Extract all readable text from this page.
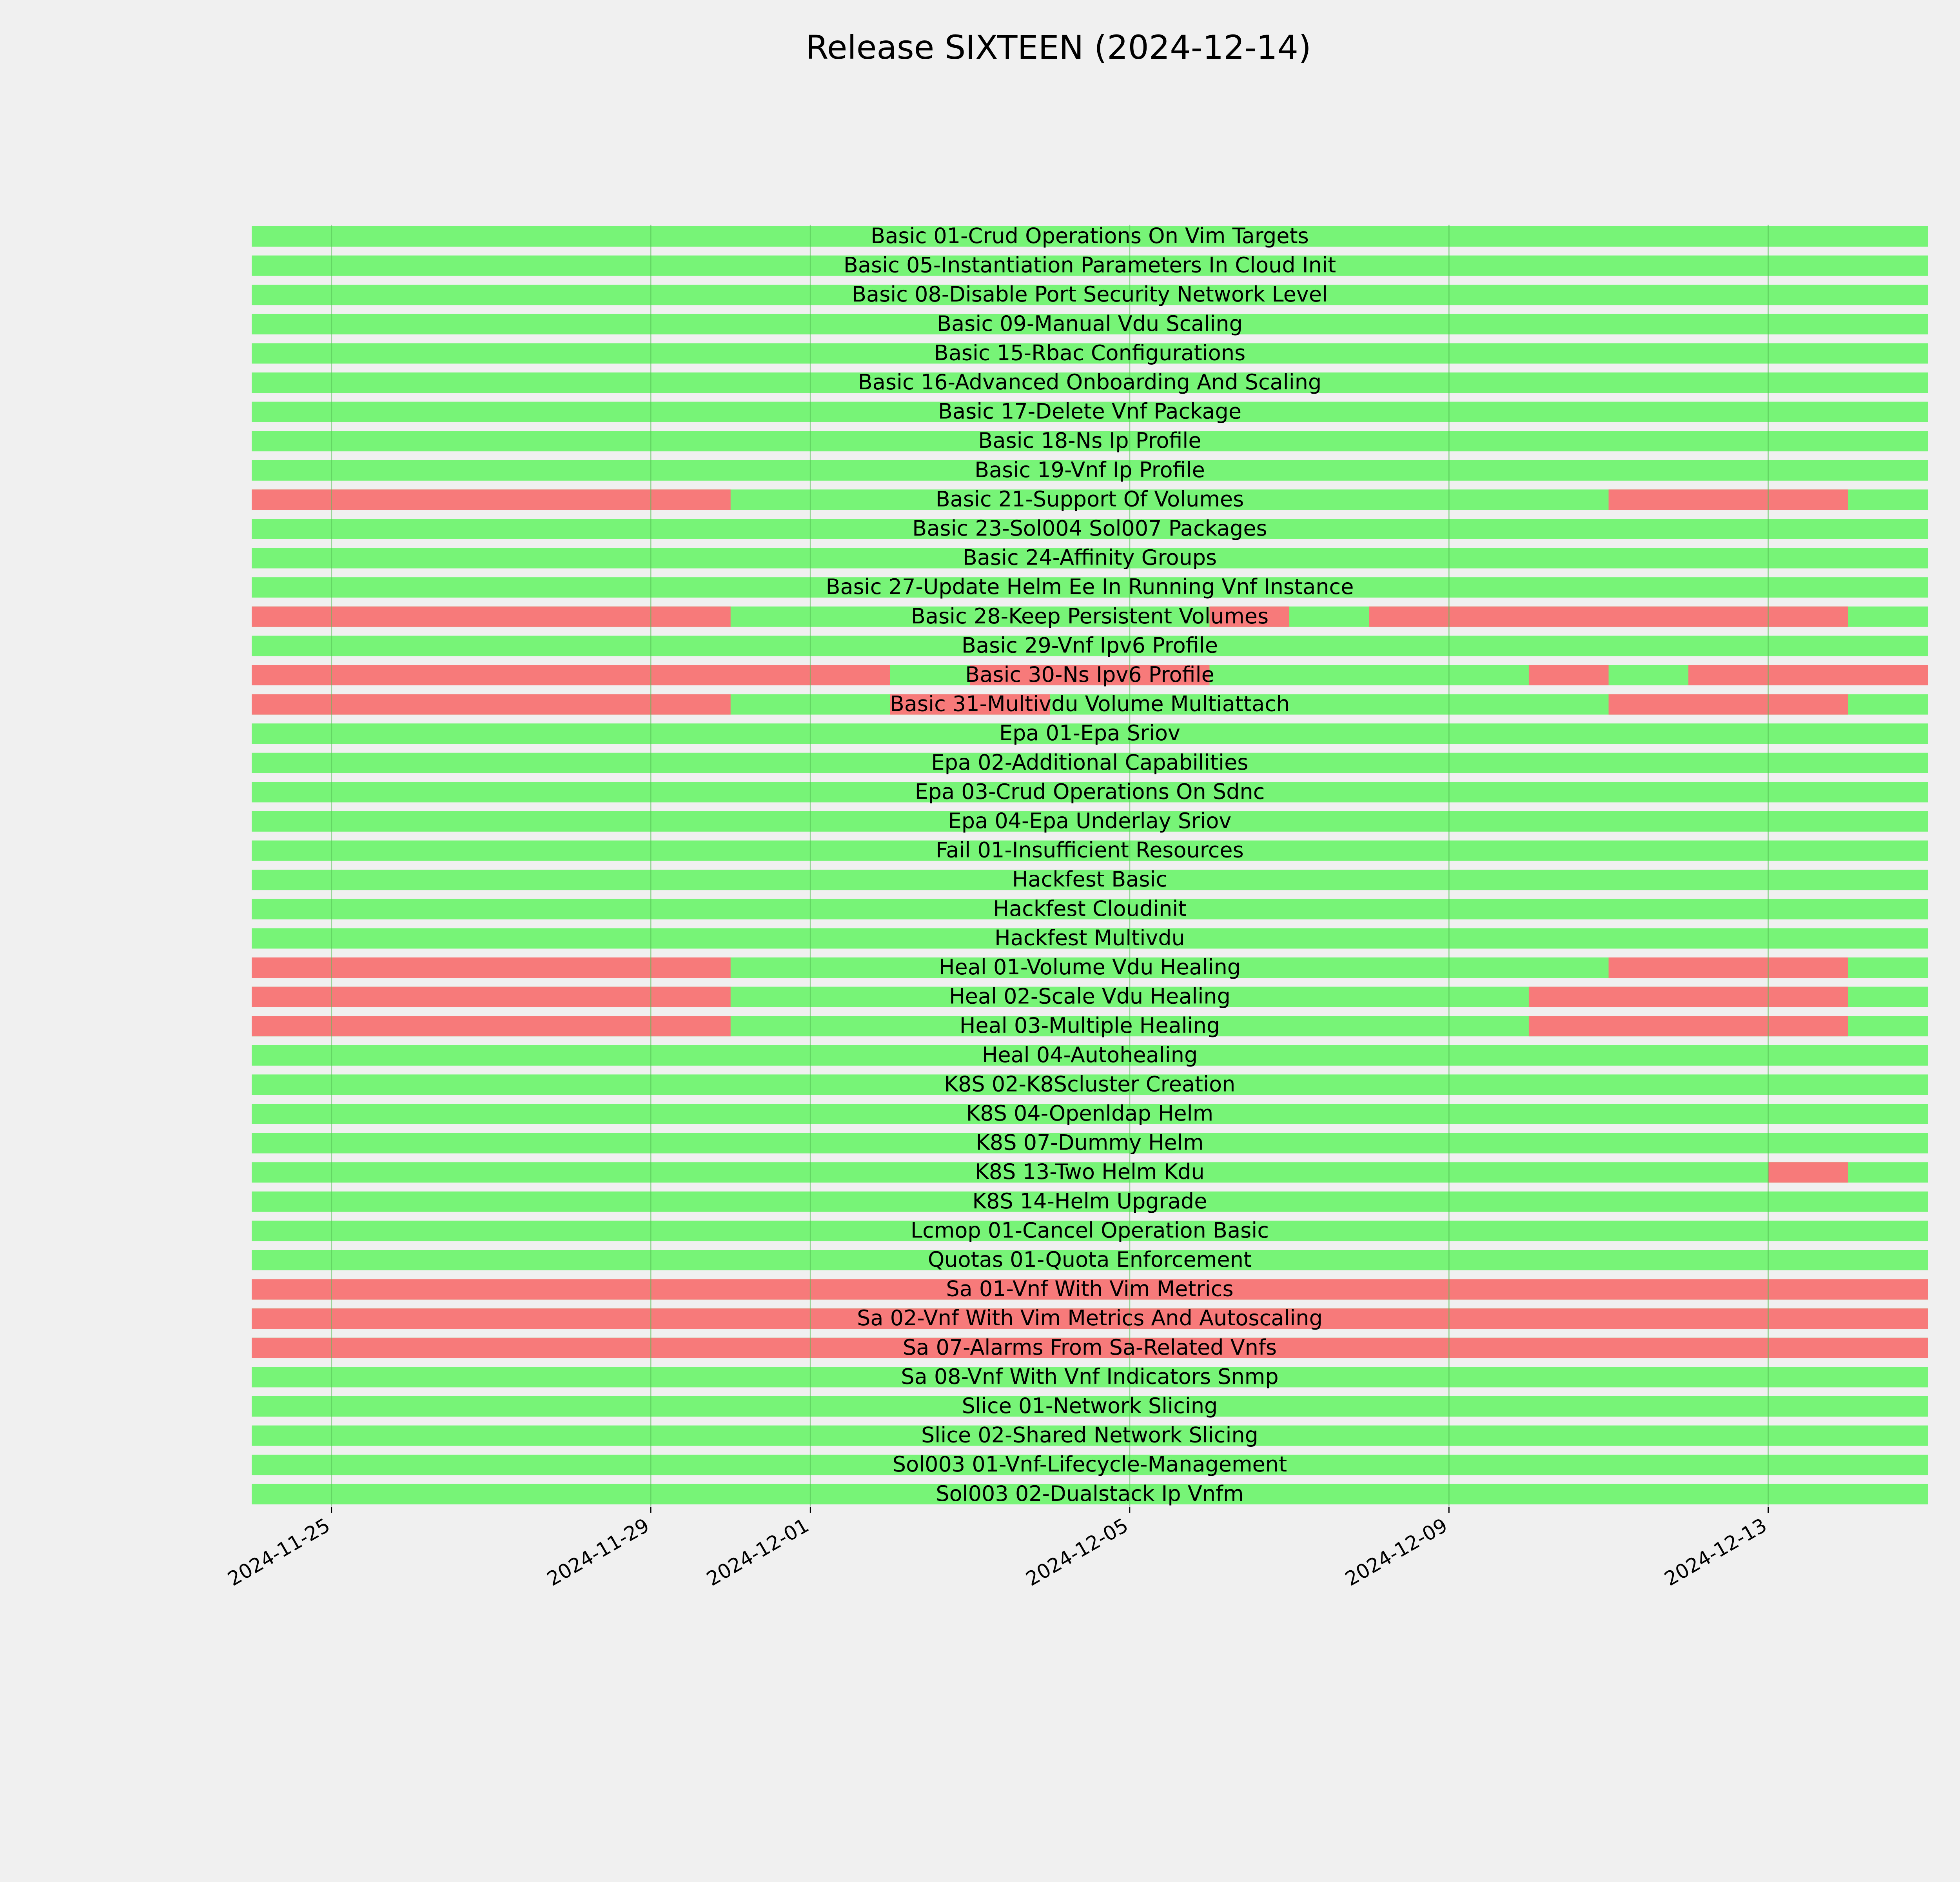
Release SIXTEEN (2024-12-14)
Basic 01-Crud Operations On Vim Targets
Basic 05-Instantiation Parameters In Cloud Init
Basic 08-Disable Port Security Network Level
Basic 09-Manual Vdu Scaling
Basic 15-Rbac Configurations
Basic 16-Advanced Onboarding And Scaling
Basic 17-Delete Vnf Package
Basic 18-Ns Ip Profile
Basic 19-Vnf Ip Profile
Basic 21-Support Of Volumes
Basic 23-Sol004 Sol007 Packages
Basic 24-Affinity Groups
Basic 27-Update Helm Ee In Running Vnf Instance
Basic 28-Keep Persistent Volumes
Basic 29-Vnf Ipv6 Profile
Basic 30-Ns Ipv6 Profile
Basic 31-Multivdu Volume Multiattach
Epa 01-Epa Sriov
Epa 02-Additional Capabilities
Epa 03-Crud Operations On Sdnc
Epa 04-Epa Underlay Sriov
Fail 01-Insufficient Resources
Hackfest Basic
Hackfest Cloudinit
Hackfest Multivdu
Heal 01-Volume Vdu Healing
Heal 02-Scale Vdu Healing
Heal 03-Multiple Healing
Heal 04-Autohealing
K8S 02-K8Scluster Creation
K8S 04-Openldap Helm
K8S 07-Dummy Helm
K8S 13-Two Helm Kdu
K8S 14-Helm Upgrade
Lcmop 01-Cancel Operation Basic
Quotas 01-Quota Enforcement
Sa 01-Vnf With Vim Metrics
Sa 02-Vnf With Vim Metrics And Autoscaling
Sa 07-Alarms From Sa-Related Vnfs
Sa 08-Vnf With Vnf Indicators Snmp
Slice 01-Network Slicing
Slice 02-Shared Network Slicing
Sol003 01-Vnf-Lifecycle-Management
Sol003 02-Dualstack Ip Vnfm
2024-11-25	2024-11-29	2024-12-01	2024-12-05	2024-12-09	2024-12-13
